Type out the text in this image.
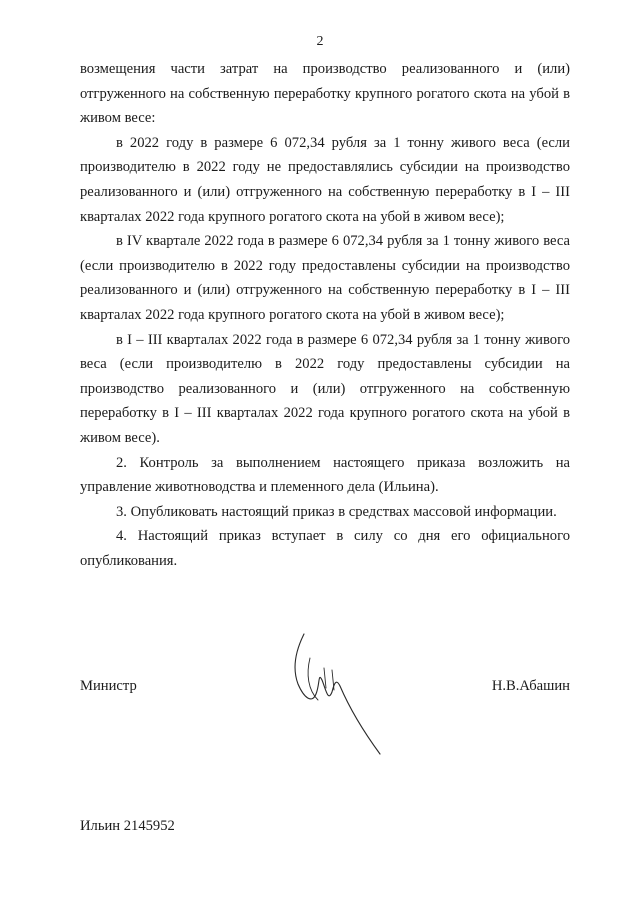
2

возмещения части затрат на производство реализованного и (или) отгруженного на собственную переработку крупного рогатого скота на убой в живом весе:

в 2022 году в размере 6 072,34 рубля за 1 тонну живого веса (если производителю в 2022 году не предоставлялись субсидии на производство реализованного и (или) отгруженного на собственную переработку в I – III кварталах 2022 года крупного рогатого скота на убой в живом весе);

в IV квартале 2022 года в размере 6 072,34 рубля за 1 тонну живого веса (если производителю в 2022 году предоставлены субсидии на производство реализованного и (или) отгруженного на собственную переработку в I – III кварталах 2022 года крупного рогатого скота на убой в живом весе);

в I – III кварталах 2022 года в размере 6 072,34 рубля за 1 тонну живого веса (если производителю в 2022 году предоставлены субсидии на производство реализованного и (или) отгруженного на собственную переработку в I – III кварталах 2022 года крупного рогатого скота на убой в живом весе).

2. Контроль за выполнением настоящего приказа возложить на управление животноводства и племенного дела (Ильина).

3. Опубликовать настоящий приказ в средствах массовой информации.

4. Настоящий приказ вступает в силу со дня его официального опубликования.

Министр	Н.В.Абашин
Ильин 2145952
